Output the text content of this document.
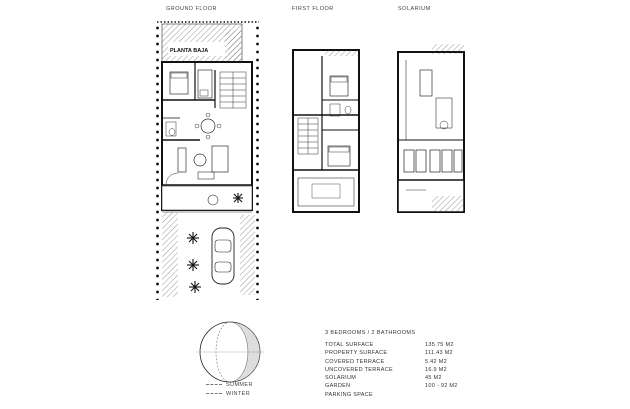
GROUND FLOOR	FIRST FLOOR	SOLARIUM
PLANTA BAJA
SUMMER
WINTER
3 BEDROOMS / 2 BATHROOMS
TOTAL SURFACE	135.75 M2
PROPERTY SURFACE	111.43 M2
COVERED TERRACE	5.42 M2
UNCOVERED TERRACE	16.9 M2
SOLARIUM	45 M2
GARDEN	100 - 92 M2
PARKING SPACE
